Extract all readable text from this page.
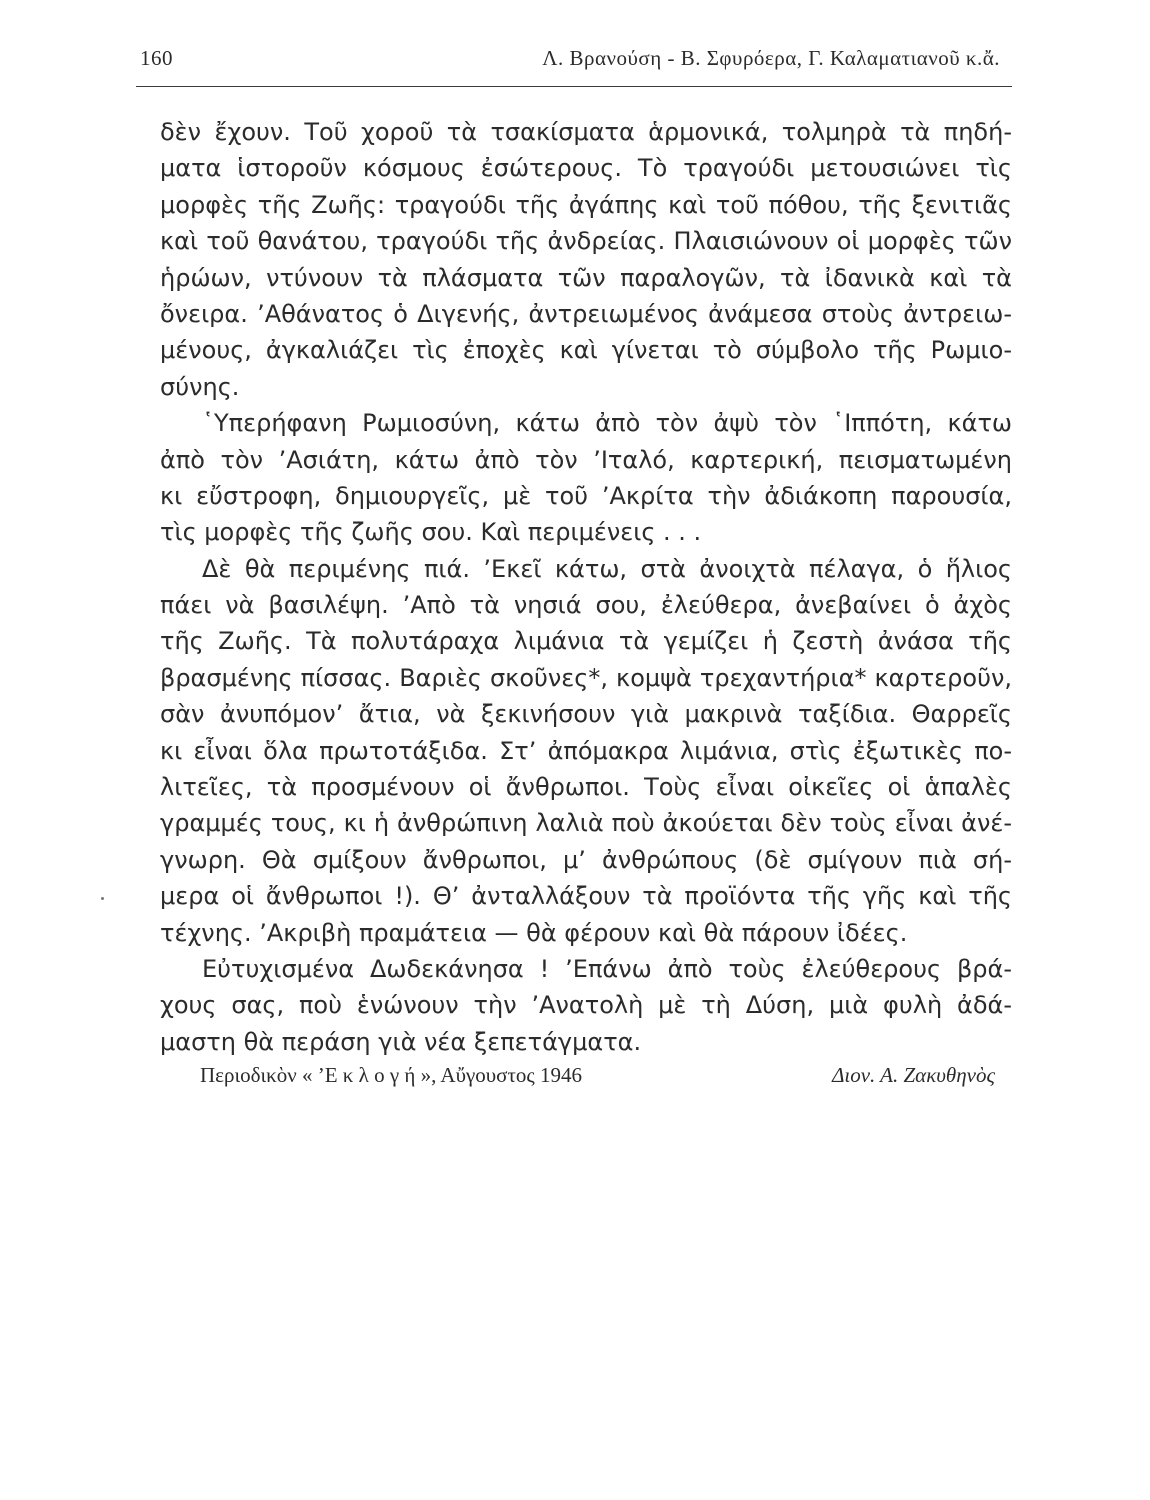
160	Λ. Βρανούση - Β. Σφυρόερα, Γ. Καλαματιανοῦ κ.ἄ.
δὲν ἔχουν. Τοῦ χοροῦ τὰ τσακίσματα ἁρμονικά, τολμηρὰ τὰ πηδή-
ματα ἱστοροῦν κόσμους ἐσώτερους. Τὸ τραγούδι μετουσιώνει τὶς
μορφὲς τῆς Ζωῆς: τραγούδι τῆς ἀγάπης καὶ τοῦ πόθου, τῆς ξενιτιᾶς
καὶ τοῦ θανάτου, τραγούδι τῆς ἀνδρείας. Πλαισιώνουν οἱ μορφὲς τῶν
ἡρώων, ντύνουν τὰ πλάσματα τῶν παραλογῶν, τὰ ἰδανικὰ καὶ τὰ
ὄνειρα. ’Αθάνατος ὁ Διγενής, ἀντρειωμένος ἀνάμεσα στοὺς ἀντρειω-
μένους, ἀγκαλιάζει τὶς ἐποχὲς καὶ γίνεται τὸ σύμβολο τῆς Ρωμιο-
σύνης.
῾Υπερήφανη Ρωμιοσύνη, κάτω ἀπὸ τὸν ἀψὺ τὸν ῾Ιππότη, κάτω
ἀπὸ τὸν ’Ασιάτη, κάτω ἀπὸ τὸν ’Ιταλό, καρτερική, πεισματωμένη
κι εὔστροφη, δημιουργεῖς, μὲ τοῦ ’Ακρίτα τὴν ἀδιάκοπη παρουσία,
τὶς μορφὲς τῆς ζωῆς σου. Καὶ περιμένεις . . .
Δὲ θὰ περιμένης πιά. ’Εκεῖ κάτω, στὰ ἀνοιχτὰ πέλαγα, ὁ ἥλιος
πάει νὰ βασιλέψη. ’Απὸ τὰ νησιά σου, ἐλεύθερα, ἀνεβαίνει ὁ ἀχὸς
τῆς Ζωῆς. Τὰ πολυτάραχα λιμάνια τὰ γεμίζει ἡ ζεστὴ ἀνάσα τῆς
βρασμένης πίσσας. Βαριὲς σκοῦνες*, κομψὰ τρεχαντήρια* καρτεροῦν,
σὰν ἀνυπόμον’ ἄτια, νὰ ξεκινήσουν γιὰ μακρινὰ ταξίδια. Θαρρεῖς
κι εἶναι ὅλα πρωτοτάξιδα. Στ’ ἀπόμακρα λιμάνια, στὶς ἐξωτικὲς πο-
λιτεῖες, τὰ προσμένουν οἱ ἄνθρωποι. Τοὺς εἶναι οἰκεῖες οἱ ἁπαλὲς
γραμμές τους, κι ἡ ἀνθρώπινη λαλιὰ ποὺ ἀκούεται δὲν τοὺς εἶναι ἀνέ-
γνωρη. Θὰ σμίξουν ἄνθρωποι, μ’ ἀνθρώπους (δὲ σμίγουν πιὰ σή-
μερα οἱ ἄνθρωποι !). Θ’ ἀνταλλάξουν τὰ προϊόντα τῆς γῆς καὶ τῆς
τέχνης. ’Ακριβὴ πραμάτεια — θὰ φέρουν καὶ θὰ πάρουν ἰδέες.
Εὐτυχισμένα Δωδεκάνησα ! ’Επάνω ἀπὸ τοὺς ἐλεύθερους βρά-
χους σας, ποὺ ἑνώνουν τὴν ’Ανατολὴ μὲ τὴ Δύση, μιὰ φυλὴ ἀδά-
μαστη θὰ περάση γιὰ νέα ξεπετάγματα.
Περιοδικὸν « ’Ε κ λ ο γ ή », Αὔγουστος 1946	Διον. Α. Ζακυθηνὸς
